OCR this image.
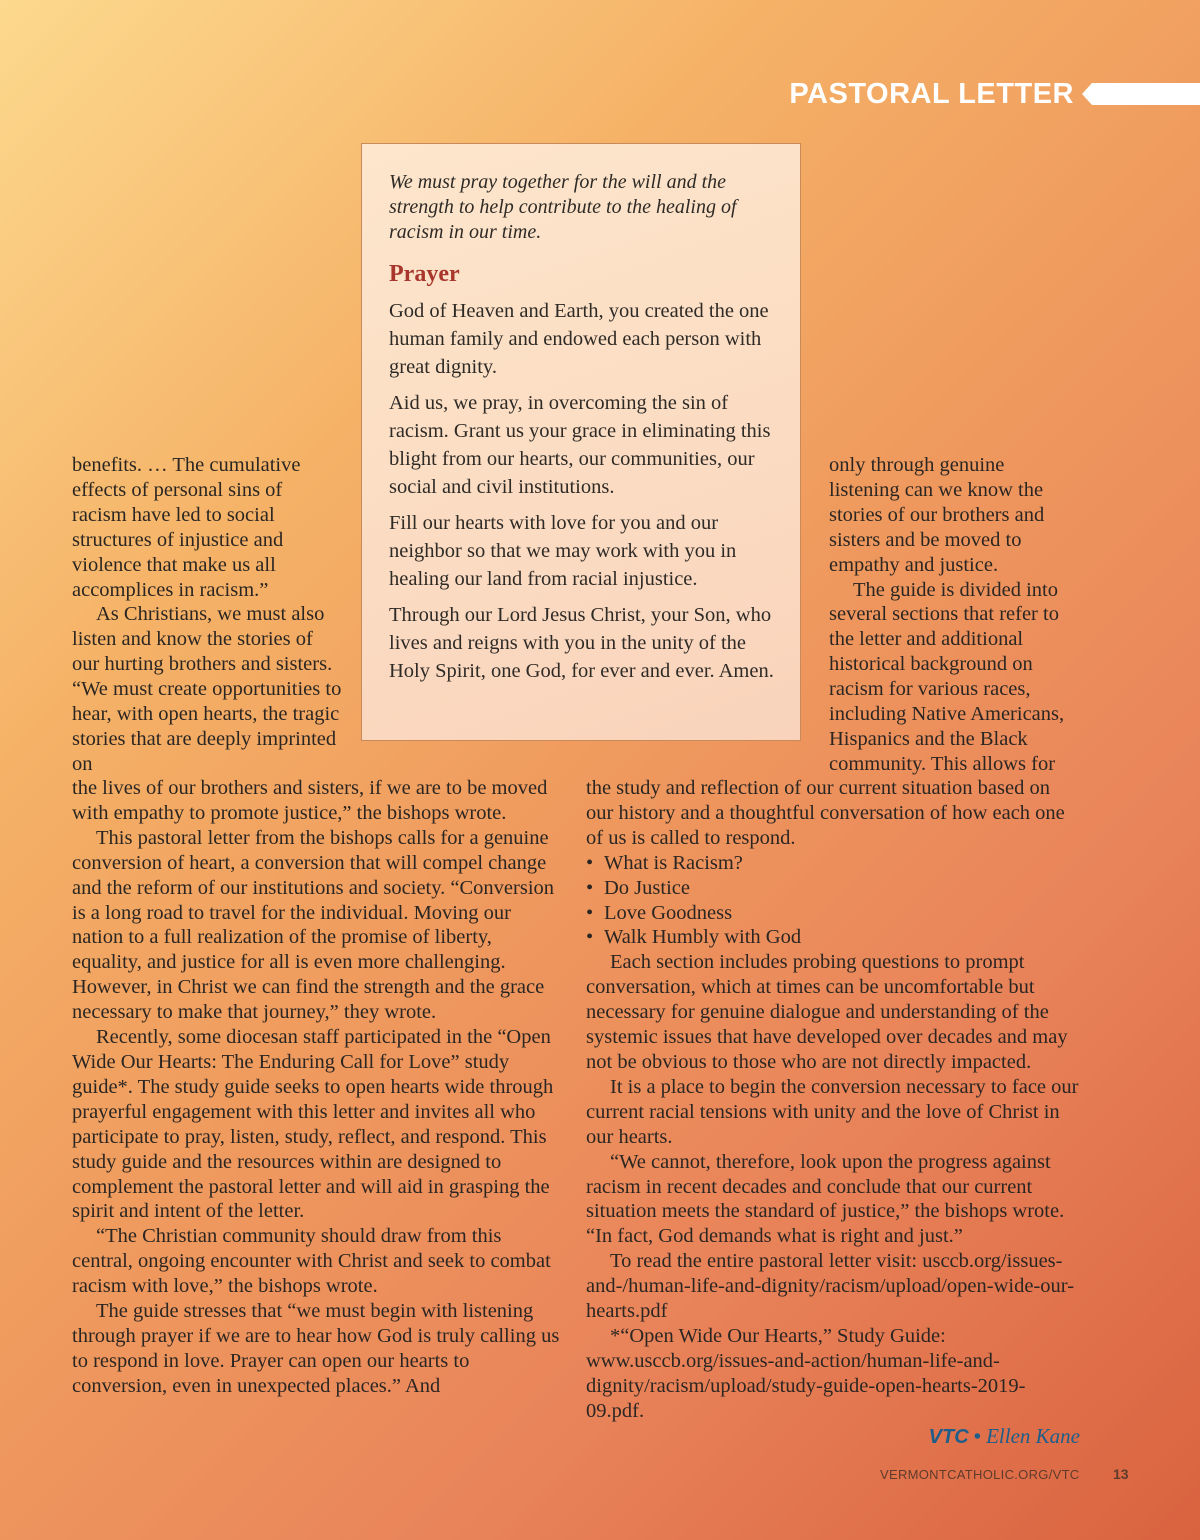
PASTORAL LETTER

We must pray together for the will and the strength to help contribute to the healing of racism in our time.

Prayer

God of Heaven and Earth, you created the one human family and endowed each person with great dignity.

Aid us, we pray, in overcoming the sin of racism. Grant us your grace in eliminating this blight from our hearts, our communities, our social and civil institutions.

Fill our hearts with love for you and our neighbor so that we may work with you in healing our land from racial injustice.

Through our Lord Jesus Christ, your Son, who lives and reigns with you in the unity of the Holy Spirit, one God, for ever and ever. Amen.

benefits. … The cumulative effects of personal sins of racism have led to social structures of injustice and violence that make us all accomplices in racism.”

As Christians, we must also listen and know the stories of our hurting brothers and sisters. “We must create opportunities to hear, with open hearts, the tragic stories that are deeply imprinted on

the lives of our brothers and sisters, if we are to be moved with empathy to promote justice,” the bishops wrote.

This pastoral letter from the bishops calls for a genuine conversion of heart, a conversion that will compel change and the reform of our institutions and society. “Conversion is a long road to travel for the individual. Moving our nation to a full realization of the promise of liberty, equality, and justice for all is even more challenging. However, in Christ we can find the strength and the grace necessary to make that journey,” they wrote.

Recently, some diocesan staff participated in the “Open Wide Our Hearts: The Enduring Call for Love” study guide*. The study guide seeks to open hearts wide through prayerful engagement with this letter and invites all who participate to pray, listen, study, reflect, and respond. This study guide and the resources within are designed to complement the pastoral letter and will aid in grasping the spirit and intent of the letter.

“The Christian community should draw from this central, ongoing encounter with Christ and seek to combat racism with love,” the bishops wrote.

The guide stresses that “we must begin with listening through prayer if we are to hear how God is truly calling us to respond in love. Prayer can open our hearts to conversion, even in unexpected places.” And

only through genuine listening can we know the stories of our brothers and sisters and be moved to empathy and justice.

The guide is divided into several sections that refer to the letter and additional historical background on racism for various races, including Native Americans, Hispanics and the Black community. This allows for

the study and reflection of our current situation based on our history and a thoughtful conversation of how each one of us is called to respond.

• What is Racism?
• Do Justice
• Love Goodness
• Walk Humbly with God

Each section includes probing questions to prompt conversation, which at times can be uncomfortable but necessary for genuine dialogue and understanding of the systemic issues that have developed over decades and may not be obvious to those who are not directly impacted.

It is a place to begin the conversion necessary to face our current racial tensions with unity and the love of Christ in our hearts.

“We cannot, therefore, look upon the progress against racism in recent decades and conclude that our current situation meets the standard of justice,” the bishops wrote. “In fact, God demands what is right and just.”

To read the entire pastoral letter visit: usccb.org/issues-and-/human-life-and-dignity/racism/upload/open-wide-our-hearts.pdf

*“Open Wide Our Hearts,” Study Guide: www.usccb.org/issues-and-action/human-life-and-dignity/racism/upload/study-guide-open-hearts-2019-09.pdf.

VTC • Ellen Kane
VERMONTCATHOLIC.ORG/VTC 13
